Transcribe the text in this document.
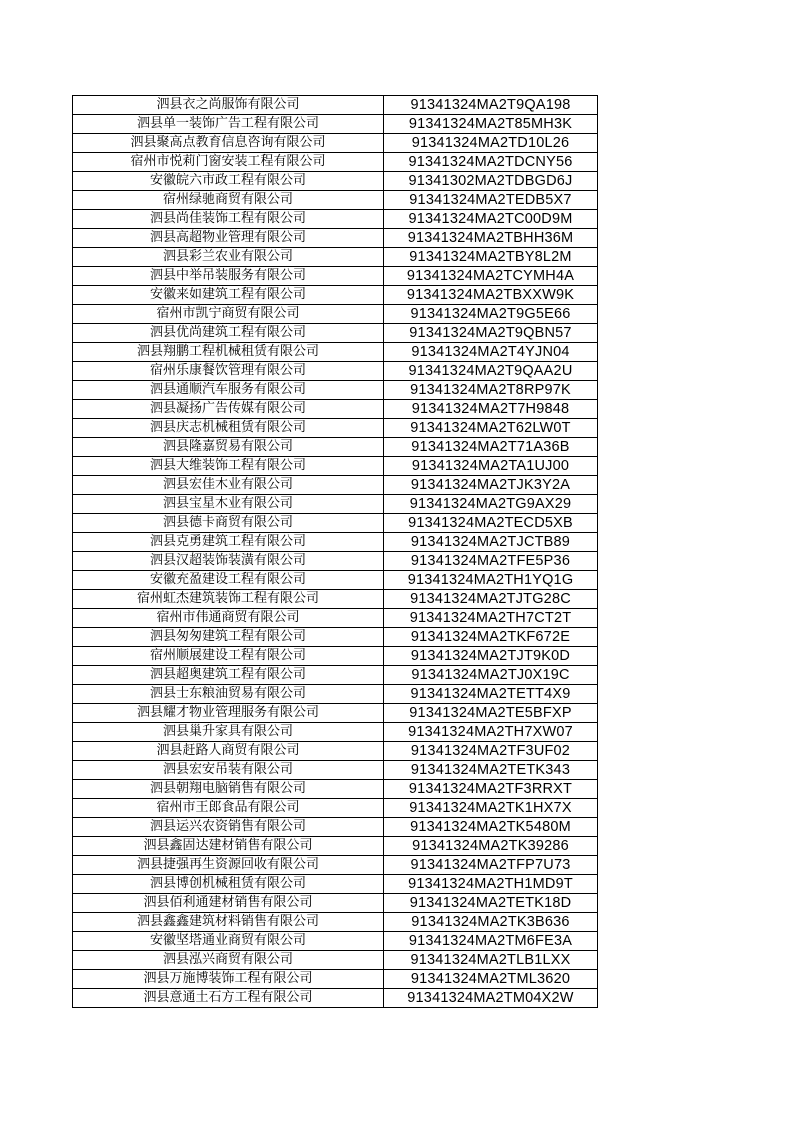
泗县衣之尚服饰有限公司	91341324MA2T9QA198
泗县单一装饰广告工程有限公司	91341324MA2T85MH3K
泗县聚高点教育信息咨询有限公司	91341324MA2TD10L26
宿州市悦莉门窗安装工程有限公司	91341324MA2TDCNY56
安徽皖六市政工程有限公司	91341302MA2TDBGD6J
宿州绿驰商贸有限公司	91341324MA2TEDB5X7
泗县尚佳装饰工程有限公司	91341324MA2TC00D9M
泗县高超物业管理有限公司	91341324MA2TBHH36M
泗县彩兰农业有限公司	91341324MA2TBY8L2M
泗县中举吊装服务有限公司	91341324MA2TCYMH4A
安徽来如建筑工程有限公司	91341324MA2TBXXW9K
宿州市凯宁商贸有限公司	91341324MA2T9G5E66
泗县优尚建筑工程有限公司	91341324MA2T9QBN57
泗县翔鹏工程机械租赁有限公司	91341324MA2T4YJN04
宿州乐康餐饮管理有限公司	91341324MA2T9QAA2U
泗县通顺汽车服务有限公司	91341324MA2T8RP97K
泗县凝扬广告传媒有限公司	91341324MA2T7H9848
泗县庆志机械租赁有限公司	91341324MA2T62LW0T
泗县隆嘉贸易有限公司	91341324MA2T71A36B
泗县大维装饰工程有限公司	91341324MA2TA1UJ00
泗县宏佳木业有限公司	91341324MA2TJK3Y2A
泗县宝星木业有限公司	91341324MA2TG9AX29
泗县德卡商贸有限公司	91341324MA2TECD5XB
泗县克勇建筑工程有限公司	91341324MA2TJCTB89
泗县汉超装饰装潢有限公司	91341324MA2TFE5P36
安徽充盈建设工程有限公司	91341324MA2TH1YQ1G
宿州虹杰建筑装饰工程有限公司	91341324MA2TJTG28C
宿州市伟通商贸有限公司	91341324MA2TH7CT2T
泗县匆匆建筑工程有限公司	91341324MA2TKF672E
宿州顺展建设工程有限公司	91341324MA2TJT9K0D
泗县超奥建筑工程有限公司	91341324MA2TJ0X19C
泗县士东粮油贸易有限公司	91341324MA2TETT4X9
泗县耀才物业管理服务有限公司	91341324MA2TE5BFXP
泗县巢升家具有限公司	91341324MA2TH7XW07
泗县赶路人商贸有限公司	91341324MA2TF3UF02
泗县宏安吊装有限公司	91341324MA2TETK343
泗县朝翔电脑销售有限公司	91341324MA2TF3RRXT
宿州市王郎食品有限公司	91341324MA2TK1HX7X
泗县运兴农资销售有限公司	91341324MA2TK5480M
泗县鑫固达建材销售有限公司	91341324MA2TK39286
泗县捷强再生资源回收有限公司	91341324MA2TFP7U73
泗县博创机械租赁有限公司	91341324MA2TH1MD9T
泗县佰利通建材销售有限公司	91341324MA2TETK18D
泗县鑫鑫建筑材料销售有限公司	91341324MA2TK3B636
安徽坚塔通业商贸有限公司	91341324MA2TM6FE3A
泗县泓兴商贸有限公司	91341324MA2TLB1LXX
泗县万施博装饰工程有限公司	91341324MA2TML3620
泗县意通土石方工程有限公司	91341324MA2TM04X2W
